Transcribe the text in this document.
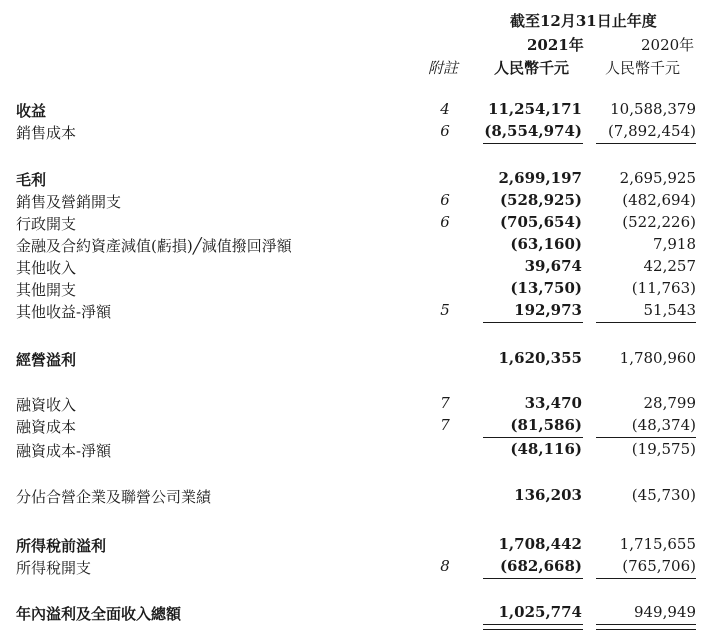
截至12月31日止年度
2021年	2020年
附註 人民幣千元 人民幣千元
收益	4	11,254,171 10,588,379
銷售成本	6	(8,554,974) (7,892,454)
毛利	2,699,197	2,695,925
銷售及營銷開支	6	(528,925)	(482,694)
行政開支	6	(705,654)	(522,226)
金融及合約資產減值(虧損)╱減值撥回淨額	(63,160)	7,918
其他收入	39,674	42,257
其他開支	(13,750)	(11,763)
其他收益-淨額	5	192,973	51,543
經營溢利	1,620,355	1,780,960
融資收入	7	33,470	28,799
融資成本	7	(81,586)	(48,374)
融資成本-淨額	(48,116)	(19,575)
分佔合營企業及聯營公司業績	136,203	(45,730)
所得稅前溢利	1,708,442	1,715,655
所得稅開支	8	(682,668)	(765,706)
年內溢利及全面收入總額	1,025,774	949,949
